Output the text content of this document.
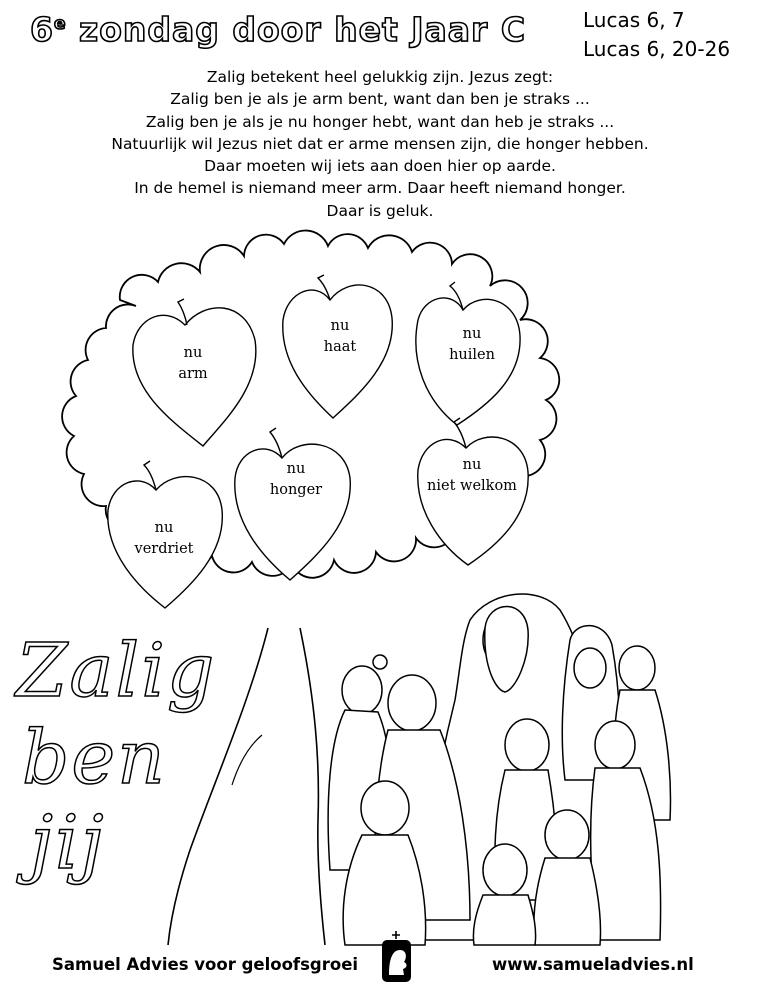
6e zondag door het Jaar C	Lucas 6, 7
Lucas 6, 20-26
Zalig betekent heel gelukkig zijn. Jezus zegt:
Zalig ben je als je arm bent, want dan ben je straks ...
Zalig ben je als je nu honger hebt, want dan heb je straks ...
Natuurlijk wil Jezus niet dat er arme mensen zijn, die honger hebben.
Daar moeten wij iets aan doen hier op aarde.
In de hemel is niemand meer arm. Daar heeft niemand honger.
Daar is geluk.
nu
arm
nu
haat
nu
huilen
nu
honger
nu
niet welkom
nu
verdriet
Zalig
ben
jij
Samuel Advies voor geloofsgroei	www.samueladvies.nl
